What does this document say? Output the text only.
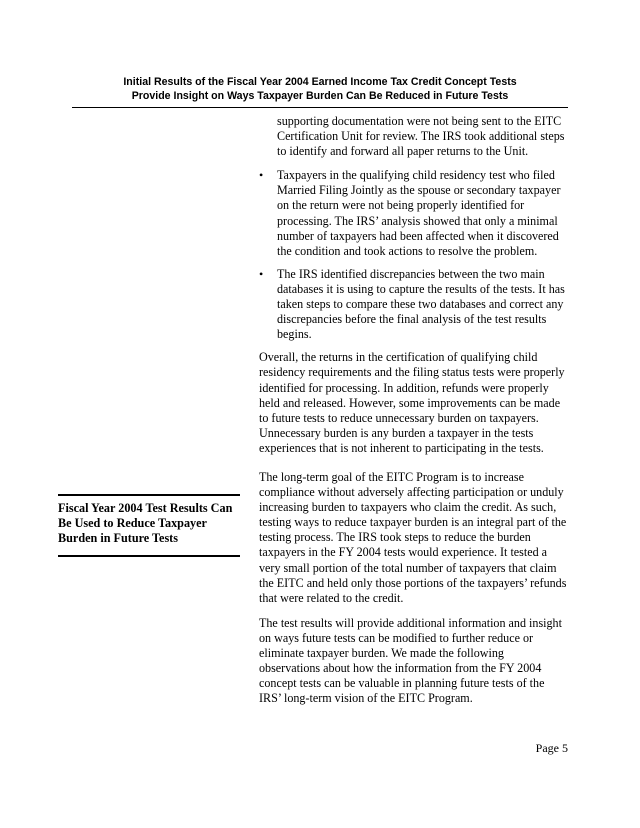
Initial Results of the Fiscal Year 2004 Earned Income Tax Credit Concept Tests
Provide Insight on Ways Taxpayer Burden Can Be Reduced in Future Tests
Fiscal Year 2004 Test Results Can Be Used to Reduce Taxpayer Burden in Future Tests

supporting documentation were not being sent to the EITC Certification Unit for review. The IRS took additional steps to identify and forward all paper returns to the Unit.

• Taxpayers in the qualifying child residency test who filed Married Filing Jointly as the spouse or secondary taxpayer on the return were not being properly identified for processing. The IRS’ analysis showed that only a minimal number of taxpayers had been affected when it discovered the condition and took actions to resolve the problem.
• The IRS identified discrepancies between the two main databases it is using to capture the results of the tests. It has taken steps to compare these two databases and correct any discrepancies before the final analysis of the test results begins.

Overall, the returns in the certification of qualifying child residency requirements and the filing status tests were properly identified for processing. In addition, refunds were properly held and released. However, some improvements can be made to future tests to reduce unnecessary burden on taxpayers. Unnecessary burden is any burden a taxpayer in the tests experiences that is not inherent to participating in the tests.

The long-term goal of the EITC Program is to increase compliance without adversely affecting participation or unduly increasing burden to taxpayers who claim the credit. As such, testing ways to reduce taxpayer burden is an integral part of the testing process. The IRS took steps to reduce the burden taxpayers in the FY 2004 tests would experience. It tested a very small portion of the total number of taxpayers that claim the EITC and held only those portions of the taxpayers’ refunds that were related to the credit.

The test results will provide additional information and insight on ways future tests can be modified to further reduce or eliminate taxpayer burden. We made the following observations about how the information from the FY 2004 concept tests can be valuable in planning future tests of the IRS’ long-term vision of the EITC Program.

Page 5
